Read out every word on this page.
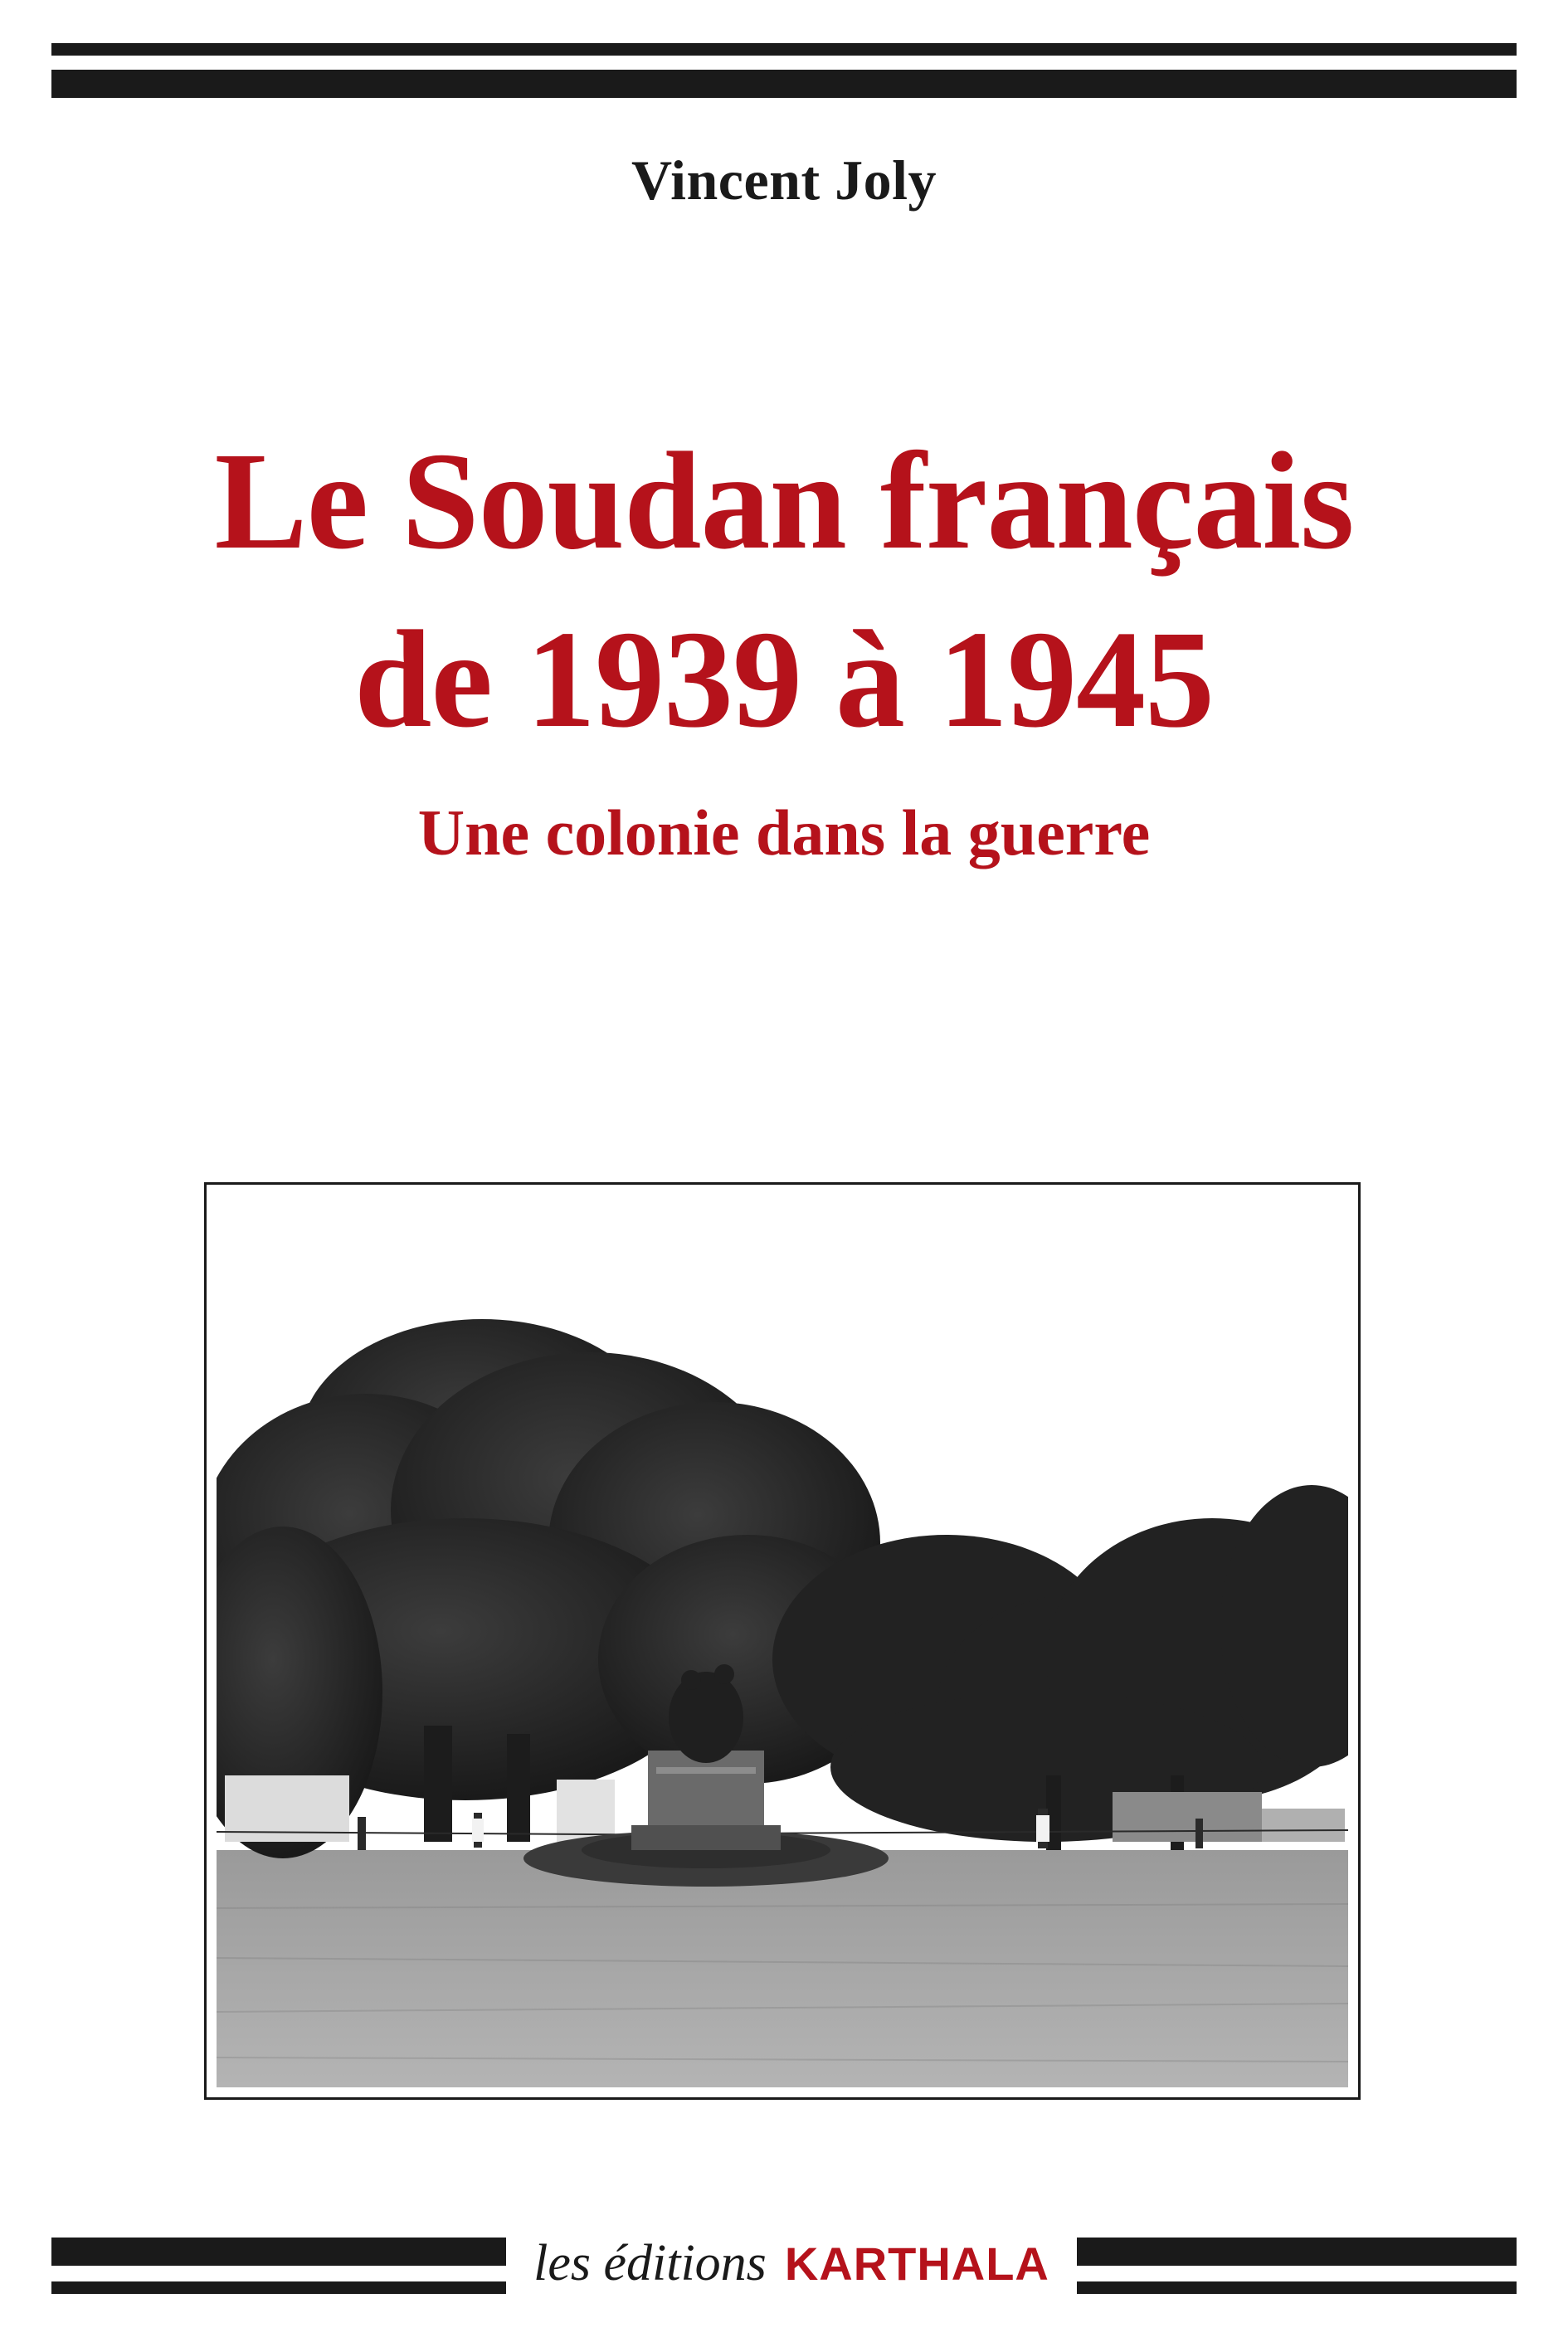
Vincent Joly
Le Soudan français
de 1939 à 1945
Une colonie dans la guerre
les éditions KARTHALA
